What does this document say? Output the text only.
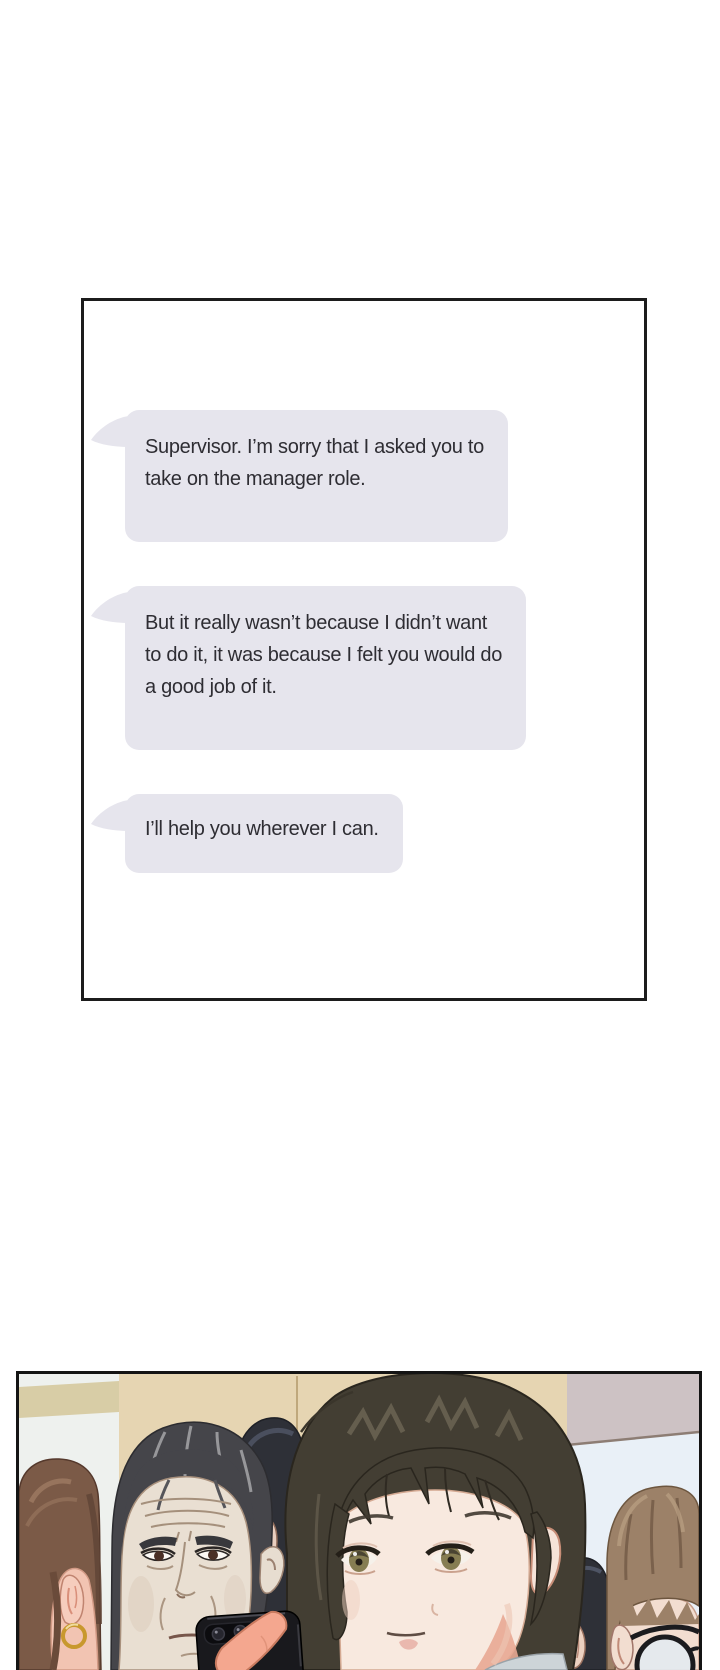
Supervisor. I’m sorry that I asked you to
take on the manager role.
But it really wasn’t because I didn’t want
to do it, it was because I felt you would do
a good job of it.
I’ll help you wherever I can.
